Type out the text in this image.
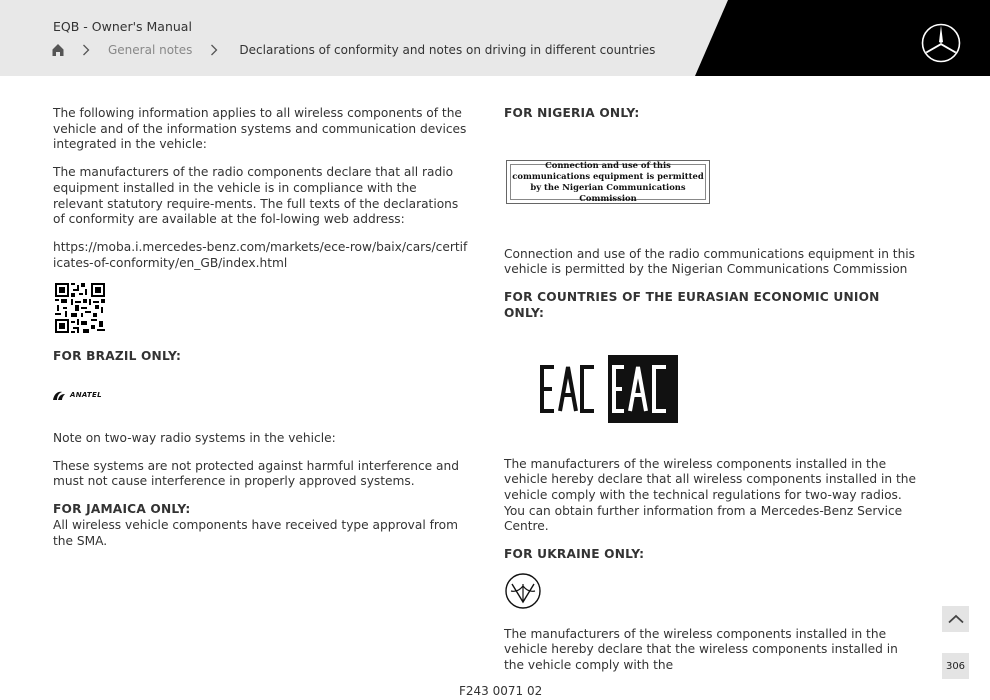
EQB - Owner's Manual
General notes	Declarations of conformity and notes on driving in different countries
The following information applies to all wireless components of the vehicle and of the information systems and communication devices integrated in the vehicle:
The manufacturers of the radio components declare that all radio equipment installed in the vehicle is in compliance with the relevant statutory require-ments. The full texts of the declarations of conformity are available at the fol-lowing web address:
https://moba.i.mercedes-benz.com/markets/ece-row/baix/cars/certificates-of-conformity/en_GB/index.html
FOR BRAZIL ONLY:
ANATEL
Note on two-way radio systems in the vehicle:
These systems are not protected against harmful interference and must not cause interference in properly approved systems.
FOR JAMAICA ONLY:
All wireless vehicle components have received type approval from the SMA.
FOR NIGERIA ONLY:
Connection and use of this communications equipment is permitted by the Nigerian Communications Commission
Connection and use of the radio communications equipment in this vehicle is permitted by the Nigerian Communications Commission
FOR COUNTRIES OF THE EURASIAN ECONOMIC UNION ONLY:
The manufacturers of the wireless components installed in the vehicle hereby declare that all wireless components installed in the vehicle comply with the technical regulations for two-way radios. You can obtain further information from a Mercedes-Benz Service Centre.
FOR UKRAINE ONLY:
The manufacturers of the wireless components installed in the vehicle hereby declare that the wireless components installed in the vehicle comply with the	306
F243 0071 02
